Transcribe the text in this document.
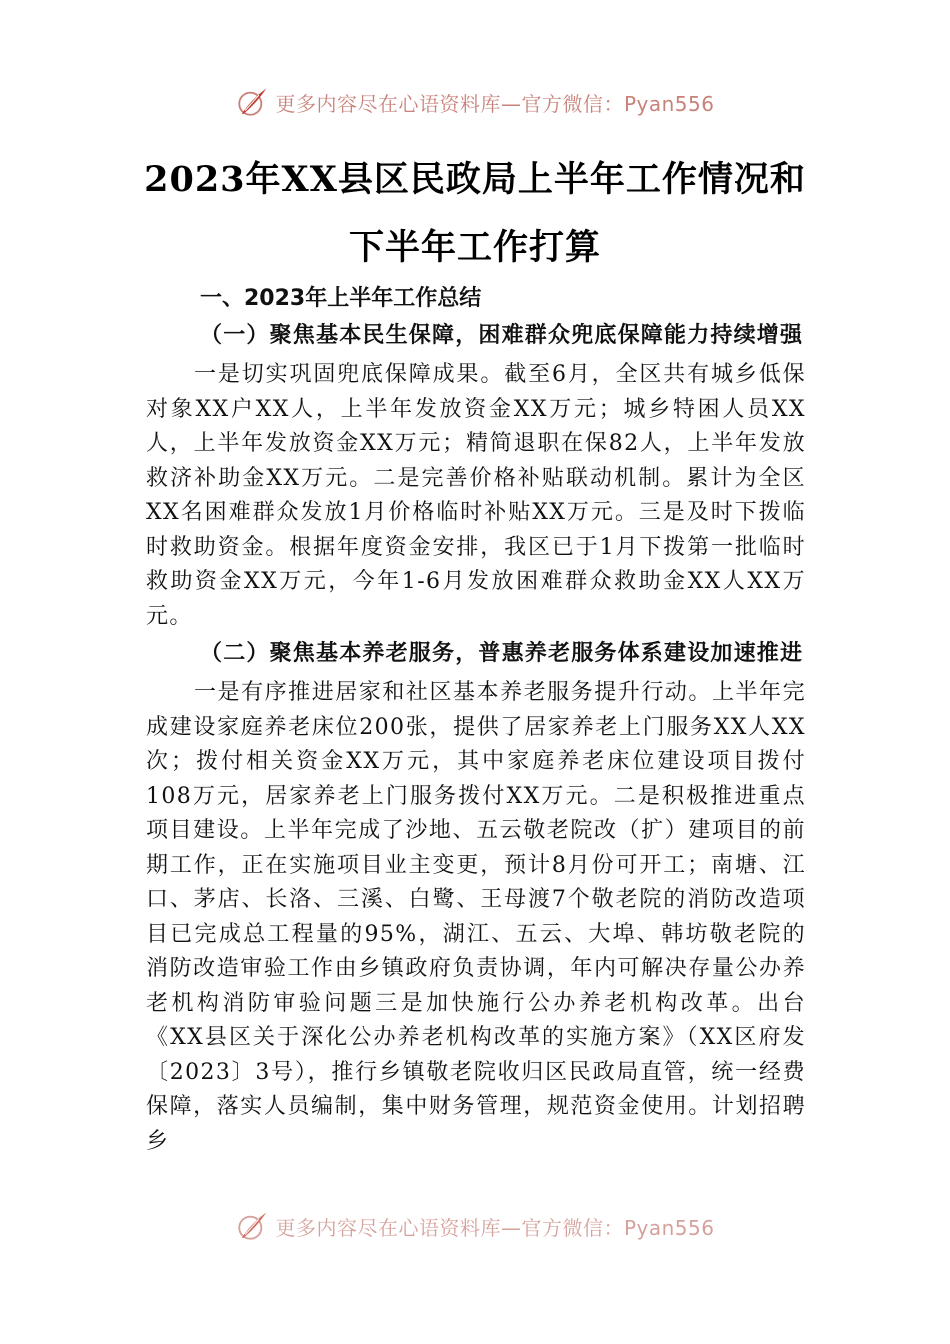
更多内容尽在心语资料库—官方微信：Pyan556
2023年XX县区民政局上半年工作情况和
下半年工作打算
一、2023年上半年工作总结
（一）聚焦基本民生保障，困难群众兜底保障能力持续增强
一是切实巩固兜底保障成果。截至6月，全区共有城乡低保对象XX户XX人，上半年发放资金XX万元；城乡特困人员XX人，上半年发放资金XX万元；精简退职在保82人，上半年发放救济补助金XX万元。二是完善价格补贴联动机制。累计为全区XX名困难群众发放1月价格临时补贴XX万元。三是及时下拨临时救助资金。根据年度资金安排，我区已于1月下拨第一批临时救助资金XX万元，今年1-6月发放困难群众救助金XX人XX万元。
（二）聚焦基本养老服务，普惠养老服务体系建设加速推进
一是有序推进居家和社区基本养老服务提升行动。上半年完成建设家庭养老床位200张，提供了居家养老上门服务XX人XX次；拨付相关资金XX万元，其中家庭养老床位建设项目拨付108万元，居家养老上门服务拨付XX万元。二是积极推进重点项目建设。上半年完成了沙地、五云敬老院改（扩）建项目的前期工作，正在实施项目业主变更，预计8月份可开工；南塘、江口、茅店、长洛、三溪、白鹭、王母渡7个敬老院的消防改造项目已完成总工程量的95%，湖江、五云、大埠、韩坊敬老院的消防改造审验工作由乡镇政府负责协调，年内可解决存量公办养老机构消防审验问题三是加快施行公办养老机构改革。出台《XX县区关于深化公办养老机构改革的实施方案》（XX区府发〔2023〕3号），推行乡镇敬老院收归区民政局直管，统一经费保障，落实人员编制，集中财务管理，规范资金使用。计划招聘乡
更多内容尽在心语资料库—官方微信：Pyan556
